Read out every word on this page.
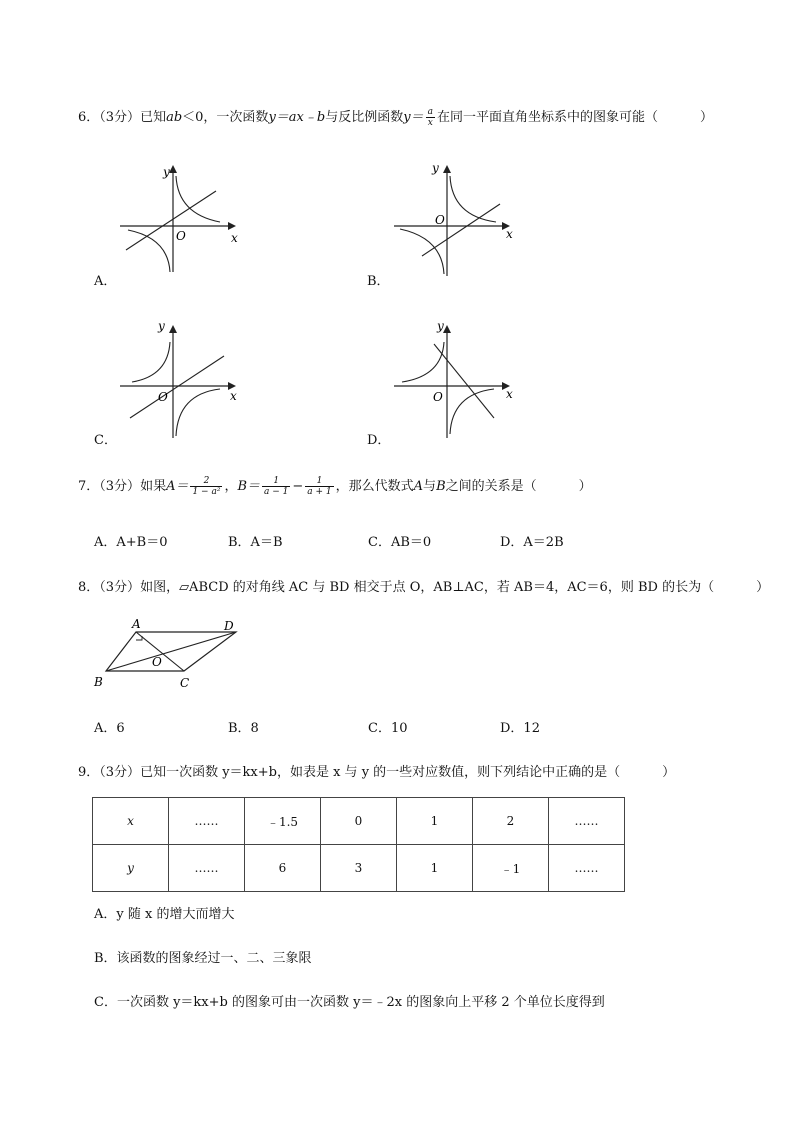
6．（3分）已知ab＜0，一次函数y＝ax﹣b与反比例函数$y= \frac{a}{x}$ 在同一平面直角坐标系中的图象可能（	）
y
x
O
A．
y
x
O
B．
y
x
O
C．
y
x
O
D．
7．（3分）如果$A= \frac{2}{\text{1 − a²}}$ ，$B= \frac{1}{a - 1} - \frac{1}{a + 1}$ ，那么代数式A与B之间的关系是（	）
A．A+B＝0	B．A＝B	C．AB＝0	D．A＝2B
8．（3分）如图，▱ABCD 的对角线 AC 与 BD 相交于点 O，AB⊥AC，若 AB＝4，AC＝6，则 BD 的长为（	）
A
B	C
D
O
A．6	B．8	C．10	D．12
9．（3分）已知一次函数 y＝kx+b，如表是 x 与 y 的一些对应数值，则下列结论中正确的是（	）
x	……	﹣1.5	0	1	2	……
y	……	6	3	1	﹣1	……
A．y 随 x 的增大而增大
B．该函数的图象经过一、二、三象限
C．一次函数 y＝kx+b 的图象可由一次函数 y＝﹣2x 的图象向上平移 2 个单位长度得到
